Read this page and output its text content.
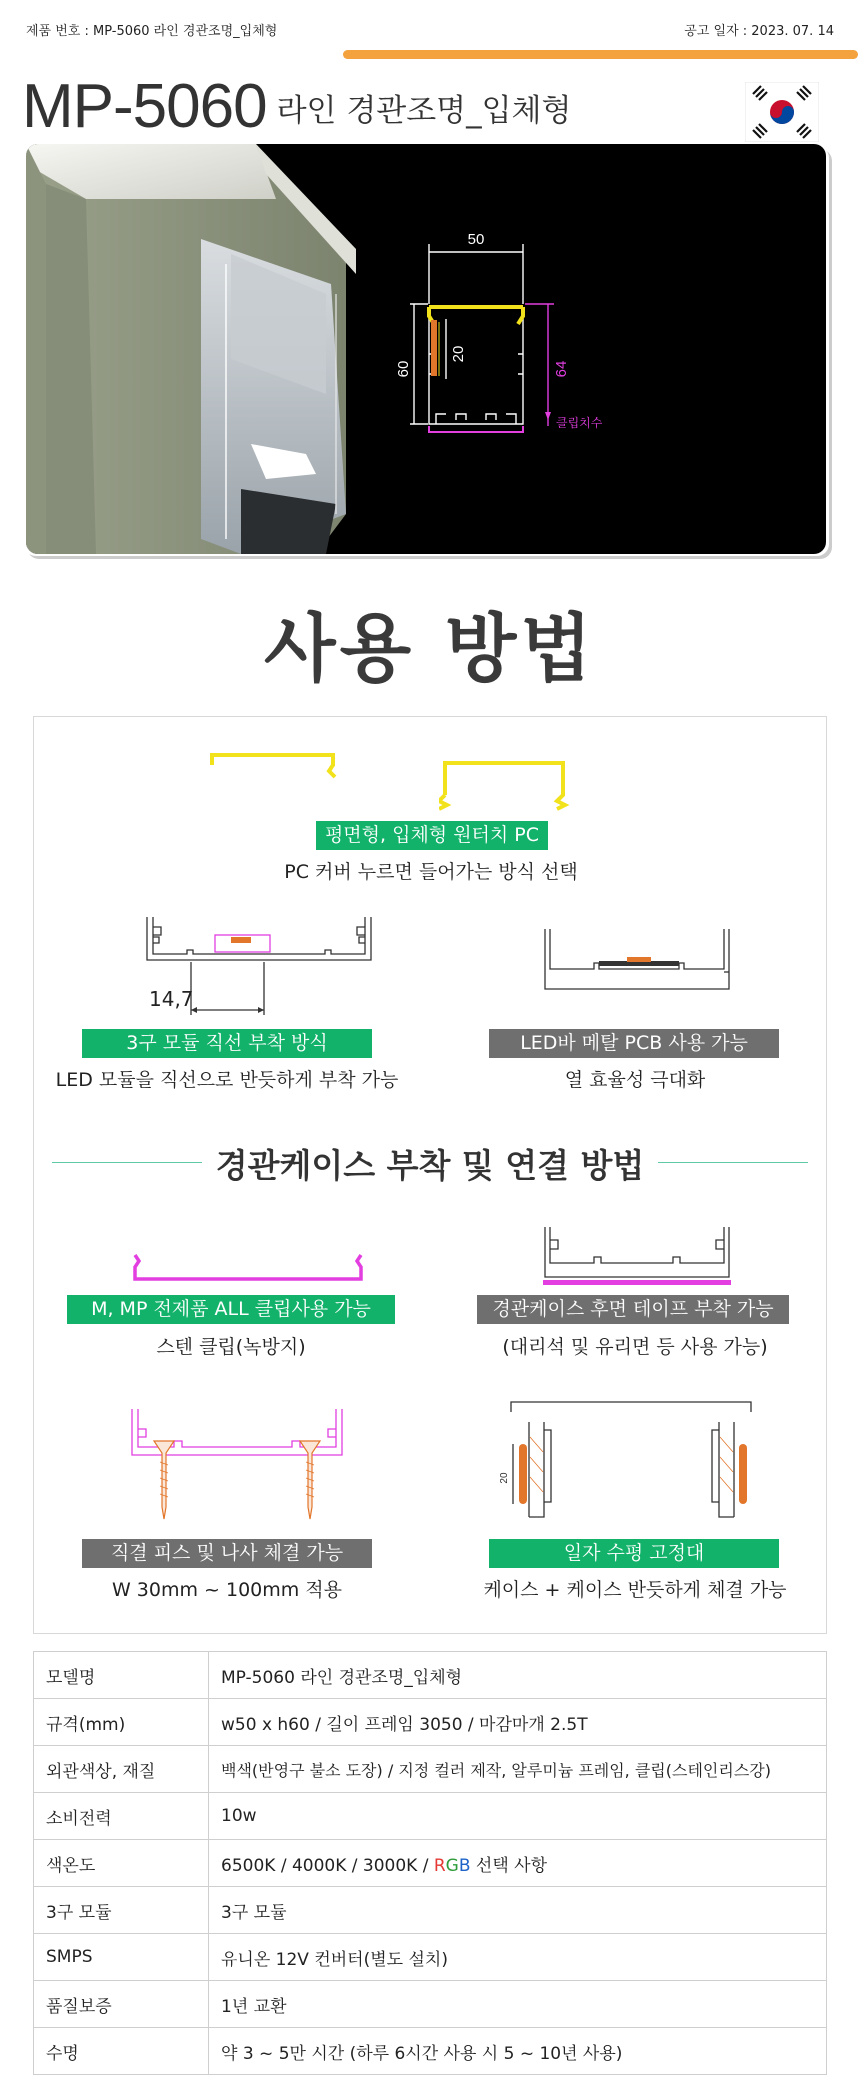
제품 번호 : MP-5060 라인 경관조명_입체형	공고 일자 : 2023. 07. 14
MP-5060 라인 경관조명_입체형
50
60
20
64
클립치수
사용 방법
평면형, 입체형 원터치 PC
PC 커버 누르면 들어가는 방식 선택
14,7
3구 모듈 직선 부착 방식
LED 모듈을 직선으로 반듯하게 부착 가능
LED바 메탈 PCB 사용 가능
열 효율성 극대화
M, MP 전제품 ALL 클립사용 가능
스텐 클립(녹방지)
경관케이스 후면 테이프 부착 가능
(대리석 및 유리면 등 사용 가능)
직결 피스 및 나사 체결 가능
W 30mm ~ 100mm 적용
20
일자 수평 고정대
케이스 + 케이스 반듯하게 체결 가능
경관케이스 부착 및 연결 방법
모델명	MP-5060 라인 경관조명_입체형
규격(mm)	w50 x h60 / 길이 프레임 3050 / 마감마개 2.5T
외관색상, 재질	백색(반영구 불소 도장) / 지정 컬러 제작, 알루미늄 프레임, 클립(스테인리스강)
소비전력	10w
색온도	6500K / 4000K / 3000K / RGB 선택 사항
3구 모듈	3구 모듈
SMPS	유니온 12V 컨버터(별도 설치)
품질보증	1년 교환
수명	약 3 ~ 5만 시간 (하루 6시간 사용 시 5 ~ 10년 사용)
